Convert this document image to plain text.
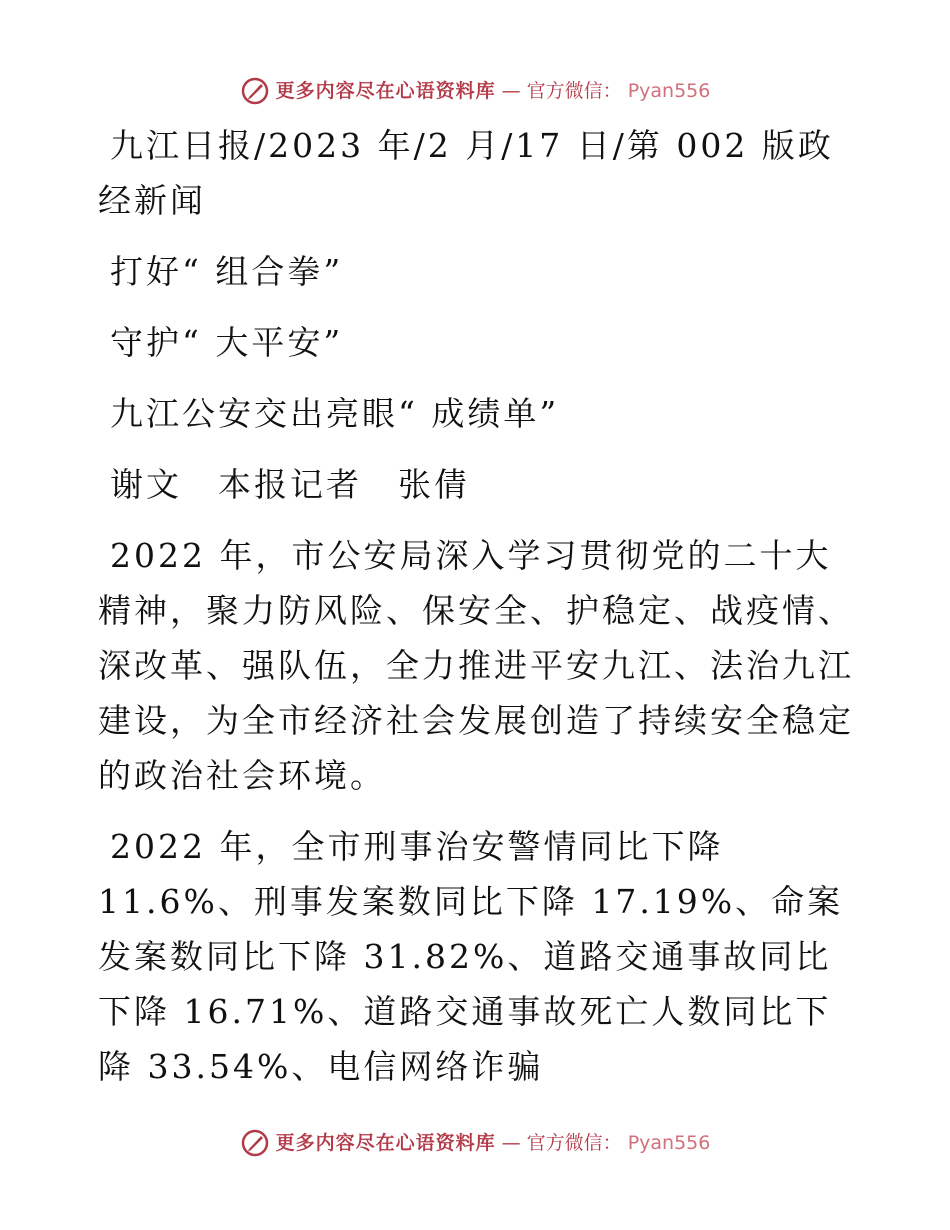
更多内容尽在心语资料库 — 官方微信： Pyan556

九江日报/2023 年/2 月/17 日/第 002 版政经新闻

打好“ 组合拳”

守护“ 大平安”

九江公安交出亮眼“ 成绩单”

谢文　本报记者　张倩

2022 年，市公安局深入学习贯彻党的二十大精神，聚力防风险、保安全、护稳定、战疫情、深改革、强队伍，全力推进平安九江、法治九江建设，为全市经济社会发展创造了持续安全稳定的政治社会环境。

2022 年，全市刑事治安警情同比下降 11.6%、刑事发案数同比下降 17.19%、命案发案数同比下降 31.82%、道路交通事故同比下降 16.71%、道路交通事故死亡人数同比下降 33.54%、电信网络诈骗

更多内容尽在心语资料库 — 官方微信： Pyan556
